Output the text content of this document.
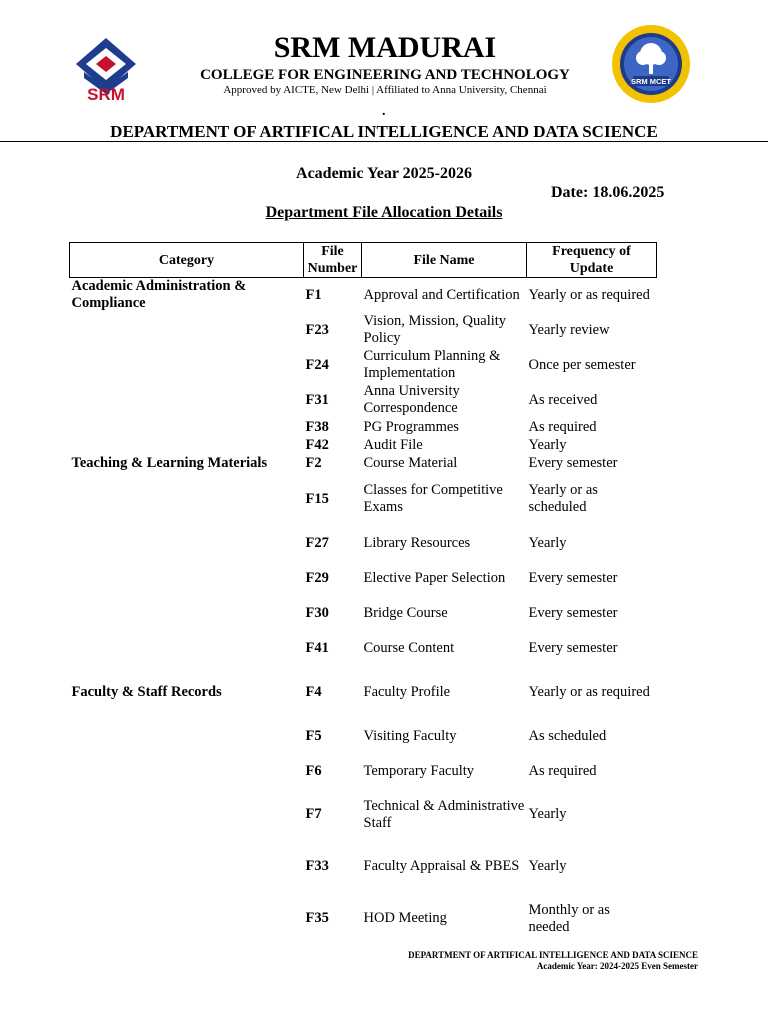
SRM
SRM MCET
SRM MADURAI
COLLEGE FOR ENGINEERING AND TECHNOLOGY
Approved by AICTE, New Delhi | Affiliated to Anna University, Chennai
.
DEPARTMENT OF ARTIFICAL INTELLIGENCE AND DATA SCIENCE
Academic Year 2025-2026
Date: 18.06.2025
Department File Allocation Details
Category	File Number	File Name	Frequency of Update
Academic Administration & Compliance	F1	Approval and Certification	Yearly or as required
	F23	Vision, Mission, Quality Policy	Yearly review
	F24	Curriculum Planning & Implementation	Once per semester
	F31	Anna University Correspondence	As received
	F38	PG Programmes	As required
	F42	Audit File	Yearly
Teaching & Learning Materials	F2	Course Material	Every semester
	F15	Classes for Competitive Exams	Yearly or as scheduled
	F27	Library Resources	Yearly
	F29	Elective Paper Selection	Every semester
	F30	Bridge Course	Every semester
	F41	Course Content	Every semester
Faculty & Staff Records	F4	Faculty Profile	Yearly or as required
	F5	Visiting Faculty	As scheduled
	F6	Temporary Faculty	As required
	F7	Technical & Administrative Staff	Yearly
	F33	Faculty Appraisal & PBES	Yearly
	F35	HOD Meeting	Monthly or as needed
DEPARTMENT OF ARTIFICAL INTELLIGENCE AND DATA SCIENCE
Academic Year: 2024-2025 Even Semester
